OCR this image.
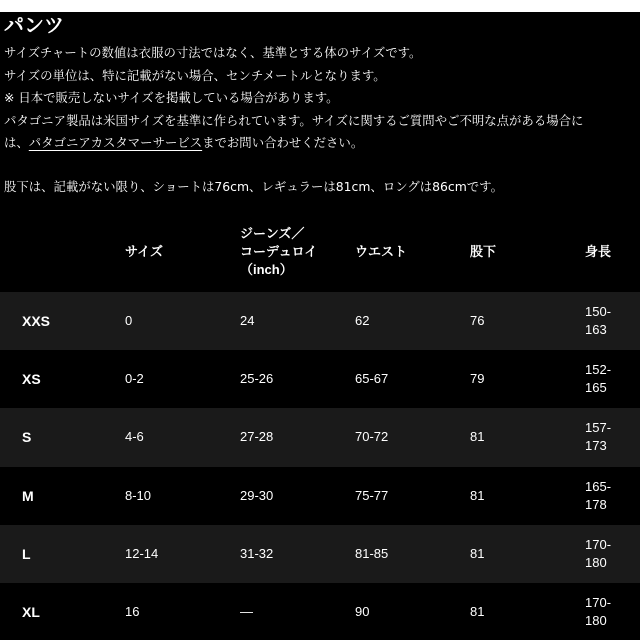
パンツ
サイズチャートの数値は衣服の寸法ではなく、基準とする体のサイズです。
サイズの単位は、特に記載がない場合、センチメートルとなります。
※ 日本で販売しないサイズを掲載している場合があります。
パタゴニア製品は米国サイズを基準に作られています。サイズに関するご質問やご不明な点がある場合に
は、パタゴニアカスタマーサービスまでお問い合わせください。
股下は、記載がない限り、ショートは76cm、レギュラーは81cm、ロングは86cmです。
		サイズ	ジーンズ／
コーデュロイ
（inch）	ウエスト	股下	身長
	XXS	0	24	62	76	150-
163

	XS	0-2	25-26	65-67	79	152-
165

	S	4-6	27-28	70-72	81	157-
173

	M	8-10	29-30	75-77	81	165-
178

	L	12-14	31-32	81-85	81	170-
180

	XL	16	—	90	81	170-
180
